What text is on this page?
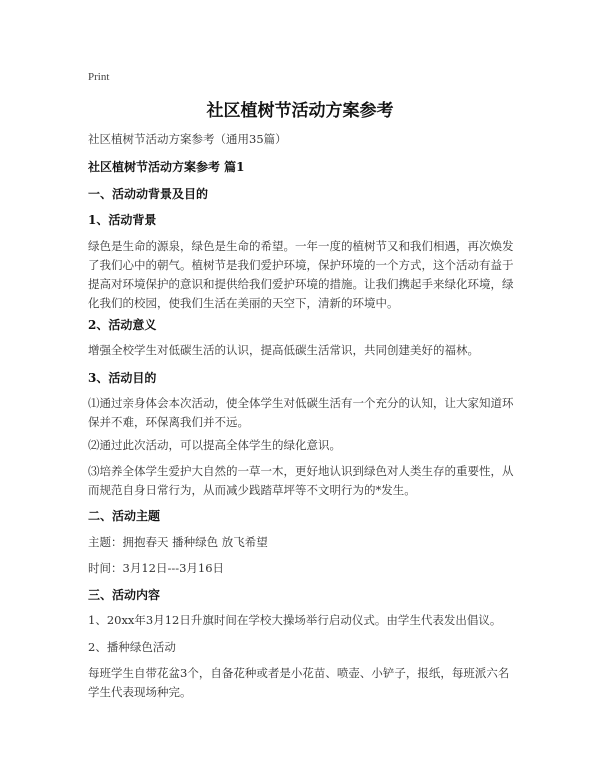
Print
社区植树节活动方案参考

社区植树节活动方案参考（通用35篇）

社区植树节活动方案参考 篇1

一、活动动背景及目的

1、活动背景

绿色是生命的源泉，绿色是生命的希望。一年一度的植树节又和我们相遇，再次焕发了我们心中的朝气。植树节是我们爱护环境，保护环境的一个方式，这个活动有益于提高对环境保护的意识和提供给我们爱护环境的措施。让我们携起手来绿化环境，绿化我们的校园，使我们生活在美丽的天空下，清新的环境中。

2、活动意义

增强全校学生对低碳生活的认识，提高低碳生活常识，共同创建美好的福林。

3、活动目的

⑴通过亲身体会本次活动，使全体学生对低碳生活有一个充分的认知，让大家知道环保并不难，环保离我们并不远。

⑵通过此次活动，可以提高全体学生的绿化意识。

⑶培养全体学生爱护大自然的一草一木，更好地认识到绿色对人类生存的重要性，从而规范自身日常行为，从而减少践踏草坪等不文明行为的*发生。

二、活动主题

主题：拥抱春天 播种绿色 放飞希望

时间：3月12日---3月16日

三、活动内容

1、20xx年3月12日升旗时间在学校大操场举行启动仪式。由学生代表发出倡议。

2、播种绿色活动

每班学生自带花盆3个，自备花种或者是小花苗、喷壶、小铲子，报纸，每班派六名学生代表现场种完。
